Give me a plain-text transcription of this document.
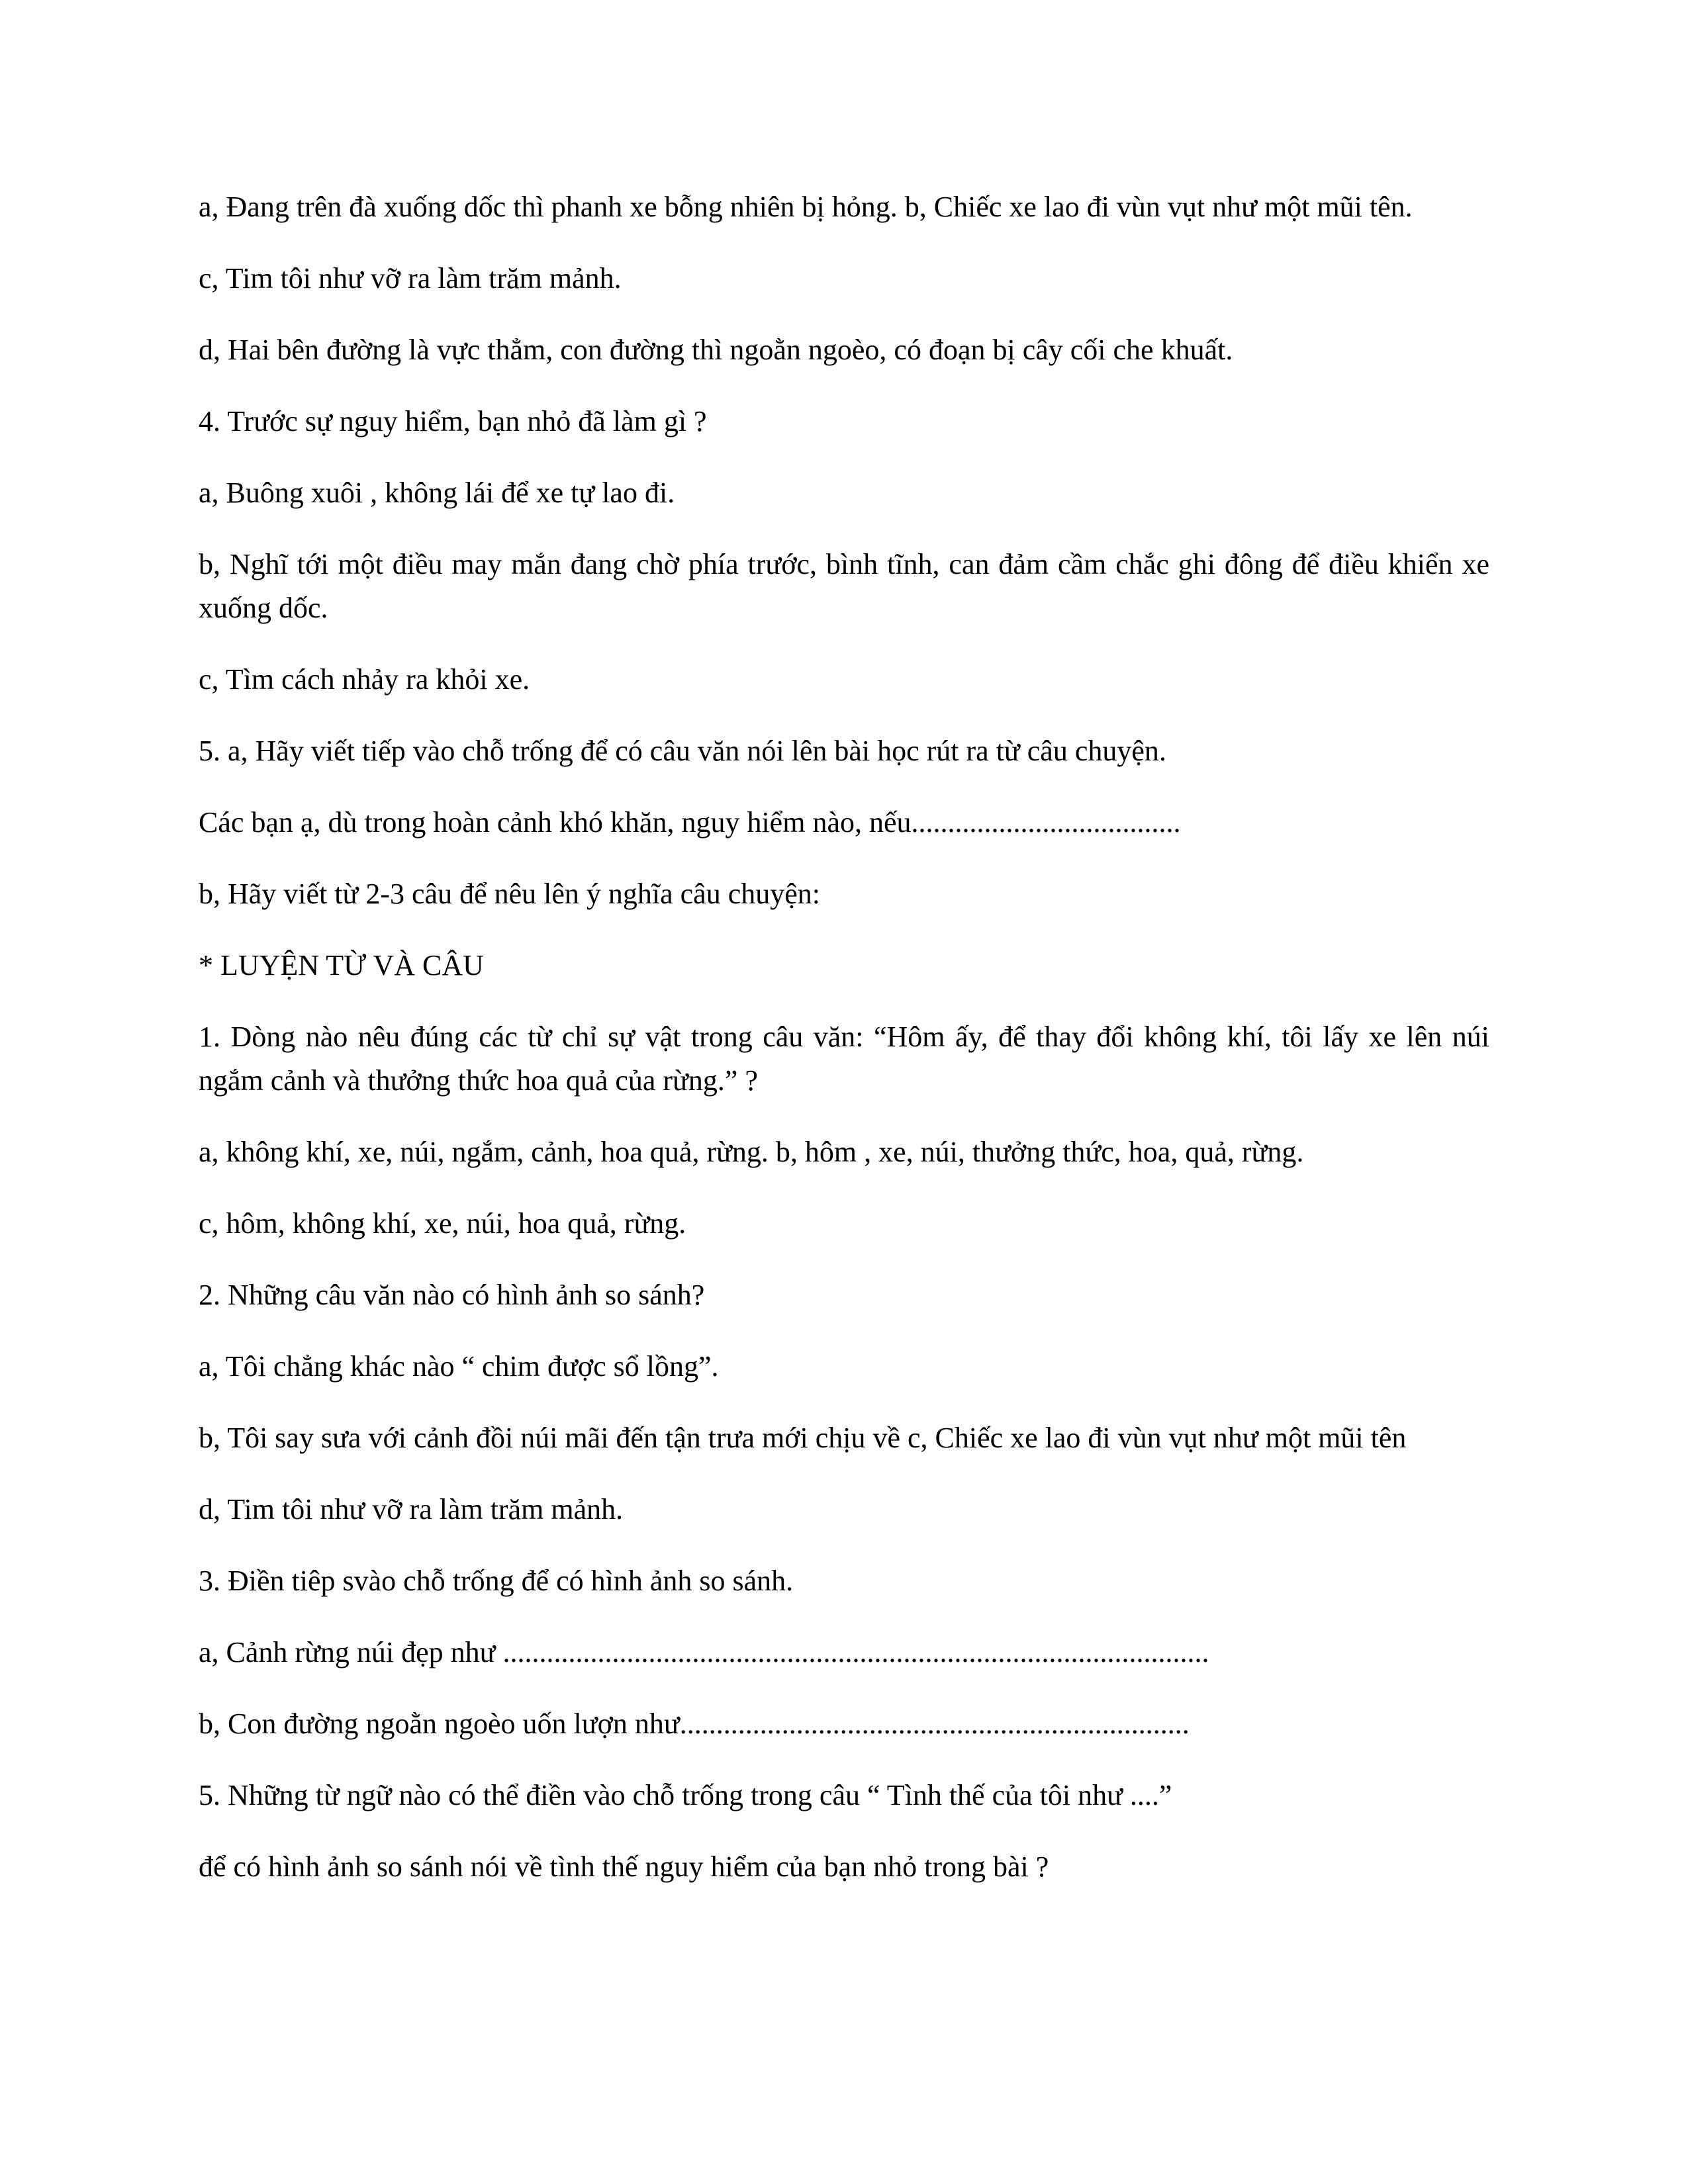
a, Đang trên đà xuống dốc thì phanh xe bỗng nhiên bị hỏng. b, Chiếc xe lao đi vùn vụt như một mũi tên.

c, Tim tôi như vỡ ra làm trăm mảnh.

d, Hai bên đường là vực thẳm, con đường thì ngoằn ngoèo, có đoạn bị cây cối che khuất.

4. Trước sự nguy hiểm, bạn nhỏ đã làm gì ?

a, Buông xuôi , không lái để xe tự lao đi.

b, Nghĩ tới một điều may mắn đang chờ phía trước, bình tĩnh, can đảm cầm chắc ghi đông để điều khiển xe xuống dốc.

c, Tìm cách nhảy ra khỏi xe.

5. a, Hãy viết tiếp vào chỗ trống để có câu văn nói lên bài học rút ra từ câu chuyện.

Các bạn ạ, dù trong hoàn cảnh khó khăn, nguy hiểm nào, nếu.....................................

b, Hãy viết từ 2-3 câu để nêu lên ý nghĩa câu chuyện:

* LUYỆN TỪ VÀ CÂU

1. Dòng nào nêu đúng các từ chỉ sự vật trong câu văn: “Hôm ấy, để thay đổi không khí, tôi lấy xe lên núi ngắm cảnh và thưởng thức hoa quả của rừng.” ?

a, không khí, xe, núi, ngắm, cảnh, hoa quả, rừng. b, hôm , xe, núi, thưởng thức, hoa, quả, rừng.

c, hôm, không khí, xe, núi, hoa quả, rừng.

2. Những câu văn nào có hình ảnh so sánh?

a, Tôi chẳng khác nào “ chim được sổ lồng”.

b, Tôi say sưa với cảnh đồi núi mãi đến tận trưa mới chịu về c, Chiếc xe lao đi vùn vụt như một mũi tên

d, Tim tôi như vỡ ra làm trăm mảnh.

3. Điền tiêp svào chỗ trống để có hình ảnh so sánh.

a, Cảnh rừng núi đẹp như .................................................................................................

b, Con đường ngoằn ngoèo uốn lượn như......................................................................

5. Những từ ngữ nào có thể điền vào chỗ trống trong câu “ Tình thế của tôi như ....”

để có hình ảnh so sánh nói về tình thế nguy hiểm của bạn nhỏ trong bài ?
